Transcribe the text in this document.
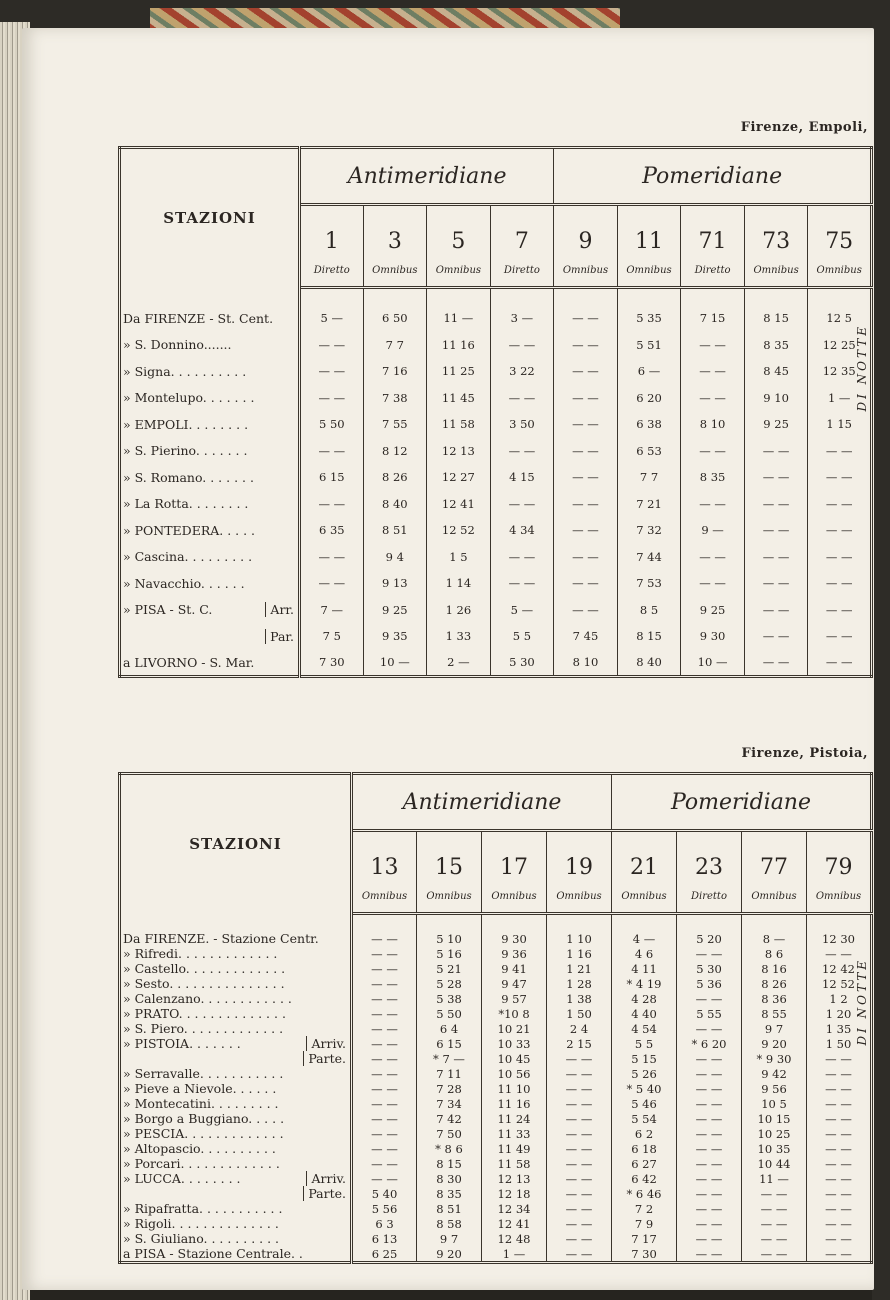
Firenze, Empoli,
STAZIONI	Antimeridiane				Pomeridiane				
	1	3	5	7	9	11	71	73	75
	Diretto	Omnibus	Omnibus	Diretto	Omnibus	Omnibus	Diretto	Omnibus	Omnibus

Da FIRENZE - St. Cent.	5 —	6 50	11 —	3 —	— —	5 35	7 15	8 15	12 5
» S. Donnino.......	— —	7 7	11 16	— —	— —	5 51	— —	8 35	12 25
» Signa. . . . . . . . . .	— —	7 16	11 25	3 22	— —	6 —	— —	8 45	12 35
» Montelupo. . . . . . .	— —	7 38	11 45	— —	— —	6 20	— —	9 10	1 —
» EMPOLI. . . . . . . .	5 50	7 55	11 58	3 50	— —	6 38	8 10	9 25	1 15
» S. Pierino. . . . . . .	— —	8 12	12 13	— —	— —	6 53	— —	— —	— —
» S. Romano. . . . . . .	6 15	8 26	12 27	4 15	— —	7 7	8 35	— —	— —
» La Rotta. . . . . . . .	— —	8 40	12 41	— —	— —	7 21	— —	— —	— —
» PONTEDERA. . . . .	6 35	8 51	12 52	4 34	— —	7 32	9 —	— —	— —
» Cascina. . . . . . . . .	— —	9 4	1 5	— —	— —	7 44	— —	— —	— —
» Navacchio. . . . . .	— —	9 13	1 14	— —	— —	7 53	— —	— —	— —
» PISA - St. C. Arr.	7 —	9 25	1 26	5 —	— —	8 5	9 25	— —	— —

Par.	7 5	9 35	1 33	5 5	7 45	8 15	9 30	— —	— —
a LIVORNO - S. Mar.	7 30	10 —	2 —	5 30	8 10	8 40	10 —	— —	— —
DI NOTTE
Firenze, Pistoia,
STAZIONI	Antimeridiane				Pomeridiane			
	13	15	17	19	21	23	77	79
	Omnibus	Omnibus	Omnibus	Omnibus	Omnibus	Diretto	Omnibus	Omnibus

Da FIRENZE. - Stazione Centr.	— —	5 10	9 30	1 10	4 —	5 20	8 —	12 30
» Rifredi. . . . . . . . . . . . .	— —	5 16	9 36	1 16	4 6	— —	8 6	— —
» Castello. . . . . . . . . . . . .	— —	5 21	9 41	1 21	4 11	5 30	8 16	12 42
» Sesto. . . . . . . . . . . . . . .	— —	5 28	9 47	1 28	* 4 19	5 36	8 26	12 52
» Calenzano. . . . . . . . . . . .	— —	5 38	9 57	1 38	4 28	— —	8 36	1 2
» PRATO. . . . . . . . . . . . . .	— —	5 50	*10 8	1 50	4 40	5 55	8 55	1 20
» S. Piero. . . . . . . . . . . . .	— —	6 4	10 21	2 4	4 54	— —	9 7	1 35
» PISTOIA. . . . . . . Arriv.	— —	6 15	10 33	2 15	5 5	* 6 20	9 20	1 50

Parte.	— —	* 7 —	10 45	— —	5 15	— —	* 9 30	— —
» Serravalle. . . . . . . . . . .	— —	7 11	10 56	— —	5 26	— —	9 42	— —
» Pieve a Nievole. . . . . .	— —	7 28	11 10	— —	* 5 40	— —	9 56	— —
» Montecatini. . . . . . . . .	— —	7 34	11 16	— —	5 46	— —	10 5	— —
» Borgo a Buggiano. . . . .	— —	7 42	11 24	— —	5 54	— —	10 15	— —
» PESCIA. . . . . . . . . . . . .	— —	7 50	11 33	— —	6 2	— —	10 25	— —
» Altopascio. . . . . . . . . .	— —	* 8 6	11 49	— —	6 18	— —	10 35	— —
» Porcari. . . . . . . . . . . . .	— —	8 15	11 58	— —	6 27	— —	10 44	— —
» LUCCA. . . . . . . . Arriv.	— —	8 30	12 13	— —	6 42	— —	11 —	— —

Parte.	5 40	8 35	12 18	— —	* 6 46	— —	— —	— —
» Ripafratta. . . . . . . . . . .	5 56	8 51	12 34	— —	7 2	— —	— —	— —
» Rigoli. . . . . . . . . . . . . .	6 3	8 58	12 41	— —	7 9	— —	— —	— —
» S. Giuliano. . . . . . . . . .	6 13	9 7	12 48	— —	7 17	— —	— —	— —
a PISA - Stazione Centrale. .	6 25	9 20	1 —	— —	7 30	— —	— —	— —
DI NOTTE
